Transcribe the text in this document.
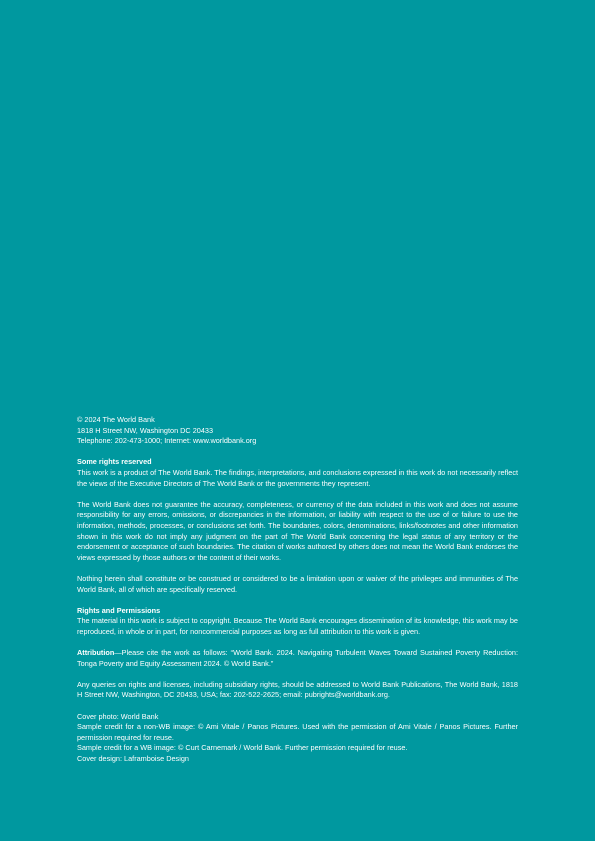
© 2024 The World Bank
1818 H Street NW, Washington DC 20433
Telephone: 202-473-1000; Internet: www.worldbank.org
Some rights reserved

This work is a product of The World Bank. The findings, interpretations, and conclusions expressed in this work do not necessarily reflect the views of the Executive Directors of The World Bank or the governments they represent.

The World Bank does not guarantee the accuracy, completeness, or currency of the data included in this work and does not assume responsibility for any errors, omissions, or discrepancies in the information, or liability with respect to the use of or failure to use the information, methods, processes, or conclusions set forth. The boundaries, colors, denominations, links/footnotes and other information shown in this work do not imply any judgment on the part of The World Bank concerning the legal status of any territory or the endorsement or acceptance of such boundaries. The citation of works authored by others does not mean the World Bank endorses the views expressed by those authors or the content of their works.

Nothing herein shall constitute or be construed or considered to be a limitation upon or waiver of the privileges and immunities of The World Bank, all of which are specifically reserved.

Rights and Permissions

The material in this work is subject to copyright. Because The World Bank encourages dissemination of its knowledge, this work may be reproduced, in whole or in part, for noncommercial purposes as long as full attribution to this work is given.

Attribution—Please cite the work as follows: “World Bank. 2024. Navigating Turbulent Waves Toward Sustained Poverty Reduction: Tonga Poverty and Equity Assessment 2024. © World Bank.”

Any queries on rights and licenses, including subsidiary rights, should be addressed to World Bank Publications, The World Bank, 1818 H Street NW, Washington, DC 20433, USA; fax: 202-522-2625; email: pubrights@worldbank.org.

Cover photo: World Bank

Sample credit for a non-WB image: © Ami Vitale / Panos Pictures. Used with the permission of Ami Vitale / Panos Pictures. Further permission required for reuse.

Sample credit for a WB image: © Curt Carnemark / World Bank. Further permission required for reuse.
Cover design: Laframboise Design
